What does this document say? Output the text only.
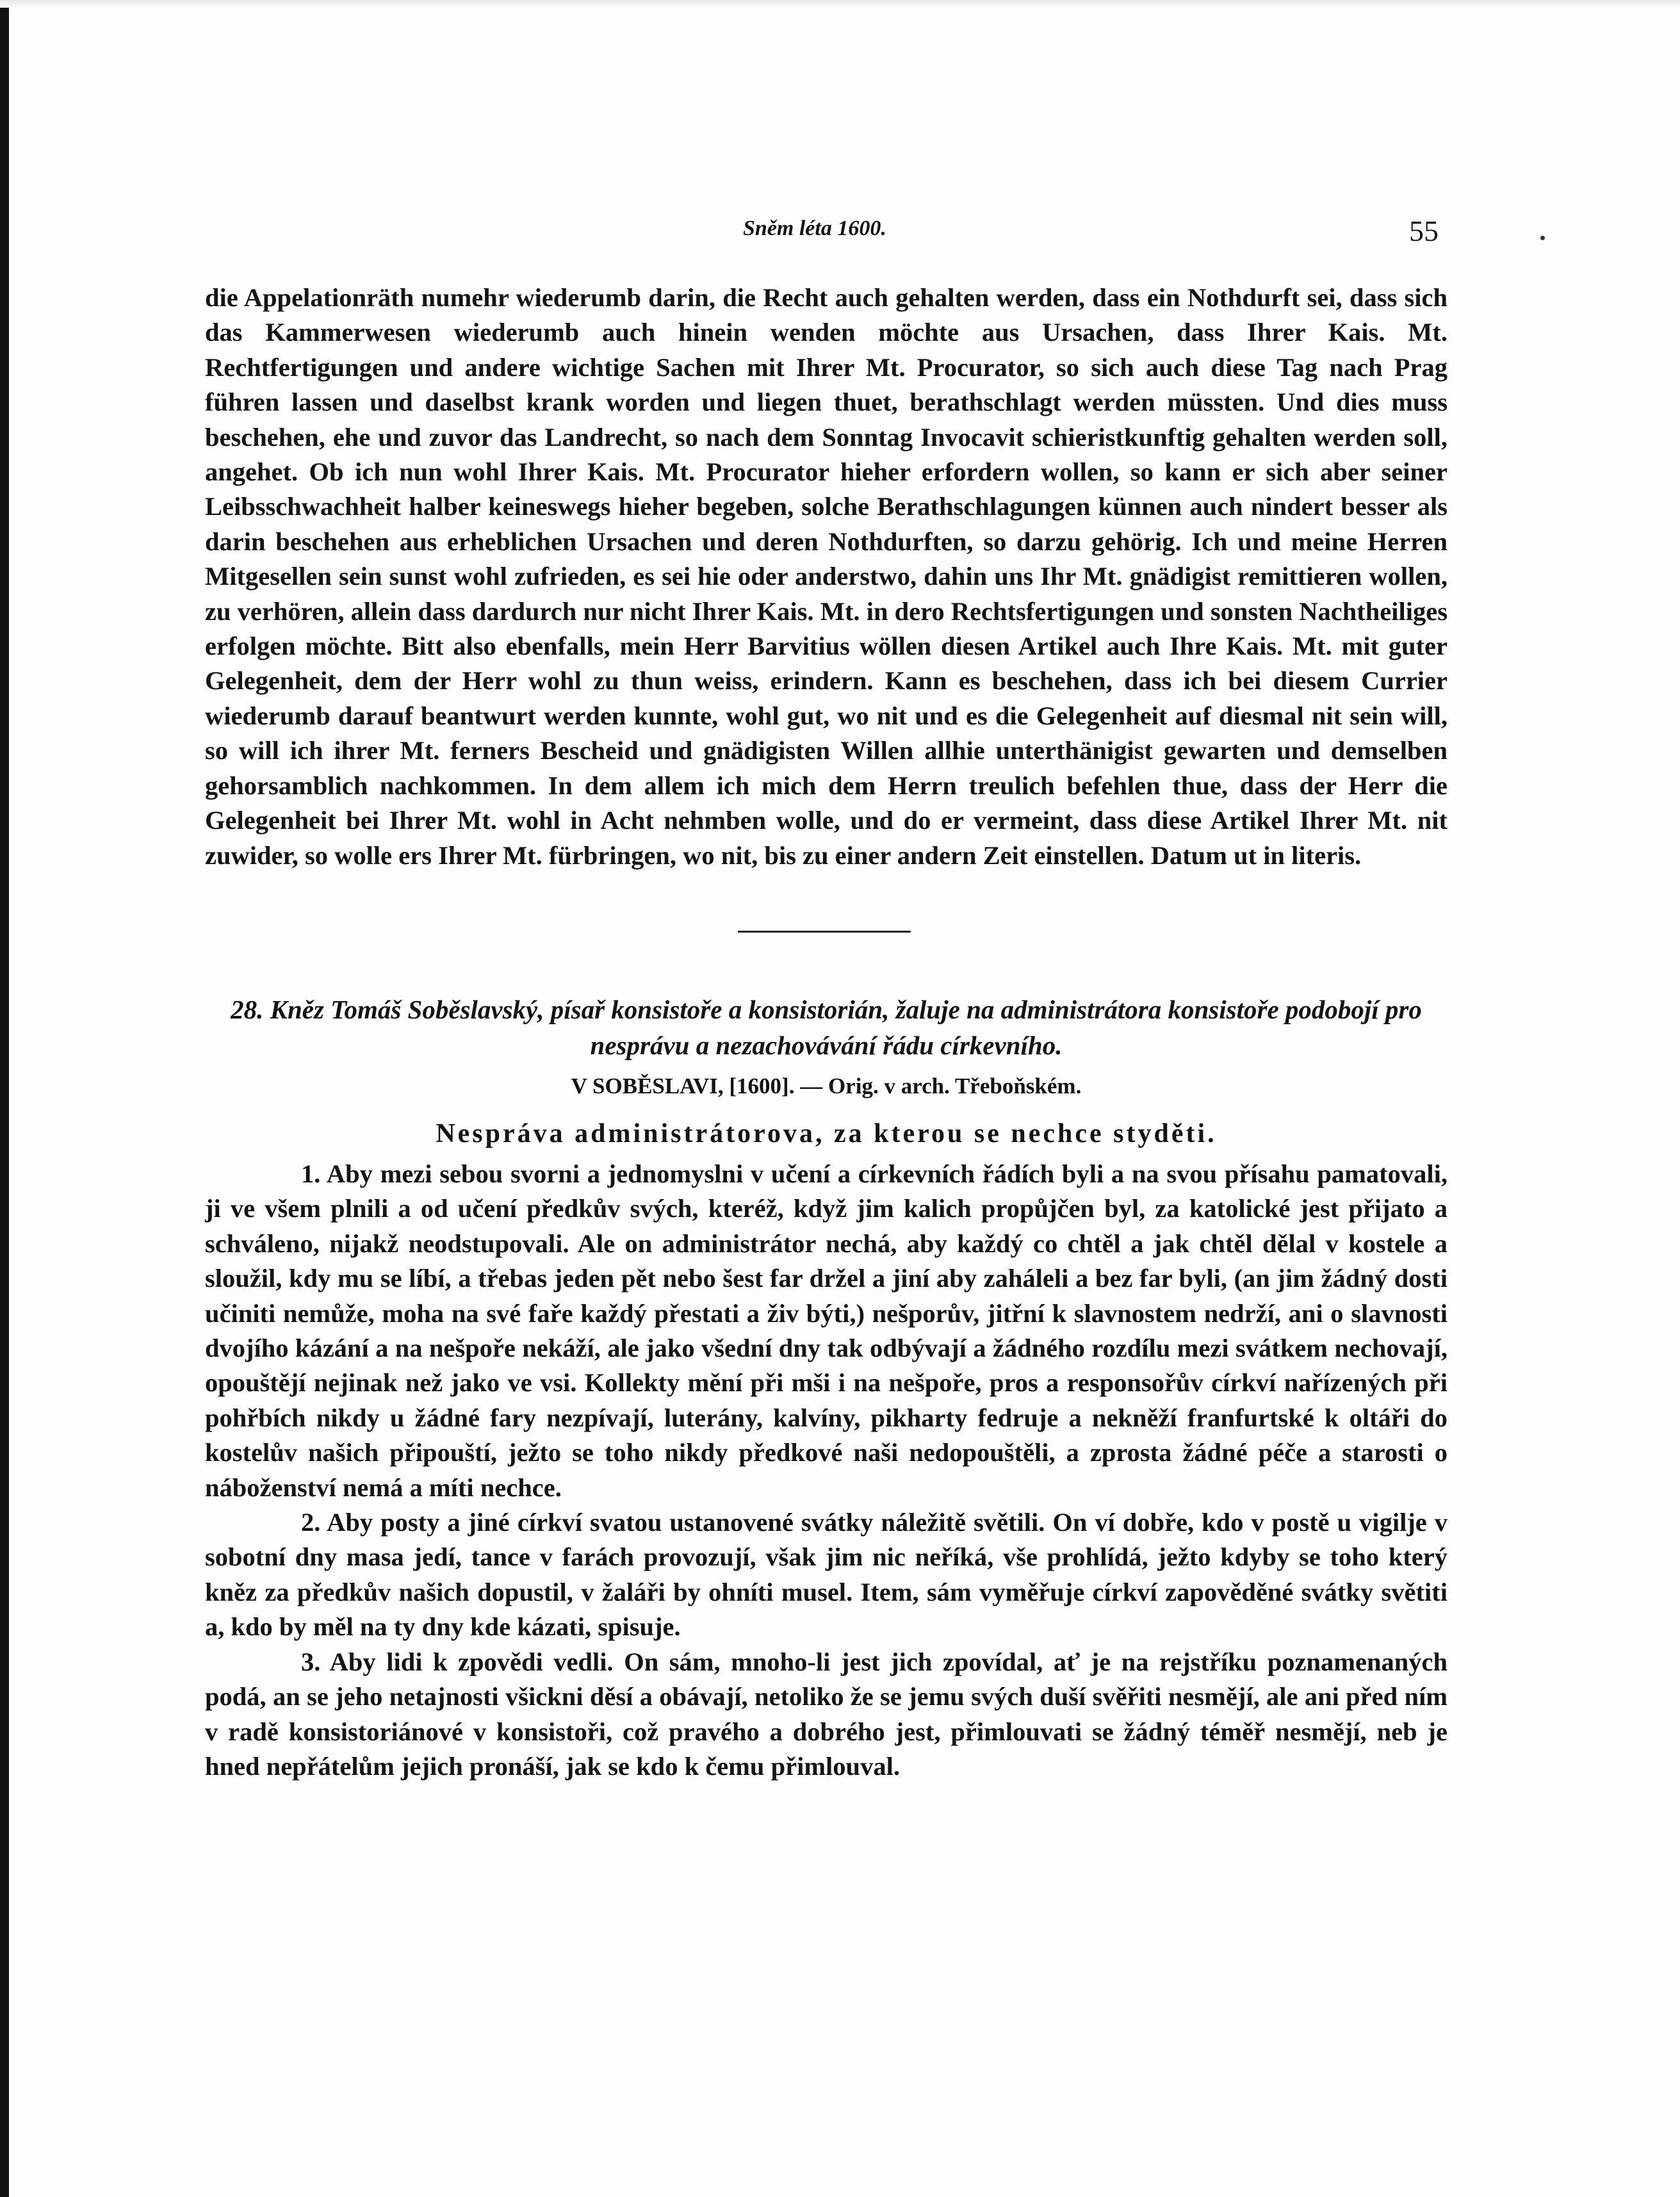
Sněm léta 1600.	55
die Appelationräth numehr wiederumb darin, die Recht auch gehalten werden, dass ein Nothdurft sei, dass sich das Kammerwesen wiederumb auch hinein wenden möchte aus Ursachen, dass Ihrer Kais. Mt. Rechtfertigungen und andere wichtige Sachen mit Ihrer Mt. Procurator, so sich auch diese Tag nach Prag führen lassen und daselbst krank worden und liegen thuet, berathschlagt werden müssten. Und dies muss beschehen, ehe und zuvor das Landrecht, so nach dem Sonntag Invocavit schieristkunftig gehalten werden soll, angehet. Ob ich nun wohl Ihrer Kais. Mt. Procurator hieher erfordern wollen, so kann er sich aber seiner Leibsschwachheit halber keineswegs hieher begeben, solche Berathschlagungen künnen auch nindert besser als darin beschehen aus erheblichen Ursachen und deren Nothdurften, so darzu gehörig. Ich und meine Herren Mitgesellen sein sunst wohl zufrieden, es sei hie oder anderstwo, dahin uns Ihr Mt. gnädigist remittieren wollen, zu verhören, allein dass dardurch nur nicht Ihrer Kais. Mt. in dero Rechtsfertigungen und sonsten Nachtheiliges erfolgen möchte. Bitt also ebenfalls, mein Herr Barvitius wöllen diesen Artikel auch Ihre Kais. Mt. mit guter Gelegenheit, dem der Herr wohl zu thun weiss, erindern. Kann es beschehen, dass ich bei diesem Currier wiederumb darauf beantwurt werden kunnte, wohl gut, wo nit und es die Gelegenheit auf diesmal nit sein will, so will ich ihrer Mt. ferners Bescheid und gnädigisten Willen allhie unterthänigist gewarten und demselben gehorsamblich nachkommen. In dem allem ich mich dem Herrn treulich befehlen thue, dass der Herr die Gelegenheit bei Ihrer Mt. wohl in Acht nehmben wolle, und do er vermeint, dass diese Artikel Ihrer Mt. nit zuwider, so wolle ers Ihrer Mt. fürbringen, wo nit, bis zu einer andern Zeit einstellen. Datum ut in literis.
28. Kněz Tomáš Soběslavský, písař konsistoře a konsistorián, žaluje na administrátora konsistoře podobojí pro nesprávu a nezachovávání řádu církevního.
V SOBĚSLAVI, [1600]. — Orig. v arch. Třeboňském.
Nespráva administrátorova, za kterou se nechce styděti.

1. Aby mezi sebou svorni a jednomyslni v učení a církevních řádích byli a na svou přísahu pamatovali, ji ve všem plnili a od učení předkův svých, kteréž, když jim kalich propůjčen byl, za katolické jest přijato a schváleno, nijakž neodstupovali. Ale on administrátor nechá, aby každý co chtěl a jak chtěl dělal v kostele a sloužil, kdy mu se líbí, a třebas jeden pět nebo šest far držel a jiní aby zaháleli a bez far byli, (an jim žádný dosti učiniti nemůže, moha na své faře každý přestati a živ býti,) nešporův, jitřní k slavnostem nedrží, ani o slavnosti dvojího kázání a na nešpoře nekáží, ale jako všední dny tak odbývají a žádného rozdílu mezi svátkem nechovají, opouštějí nejinak než jako ve vsi. Kollekty mění při mši i na nešpoře, pros a responsořův církví nařízených při pohřbích nikdy u žádné fary nezpívají, luterány, kalvíny, pikharty fedruje a nekněží franfurtské k oltáři do kostelův našich připouští, ježto se toho nikdy předkové naši nedopouštěli, a zprosta žádné péče a starosti o náboženství nemá a míti nechce.

2. Aby posty a jiné církví svatou ustanovené svátky náležitě světili. On ví dobře, kdo v postě u vigilje v sobotní dny masa jedí, tance v farách provozují, však jim nic neříká, vše prohlídá, ježto kdyby se toho který kněz za předkův našich dopustil, v žaláři by ohníti musel. Item, sám vyměřuje církví zapověděné svátky světiti a, kdo by měl na ty dny kde kázati, spisuje.

3. Aby lidi k zpovědi vedli. On sám, mnoho-li jest jich zpovídal, ať je na rejstříku poznamenaných podá, an se jeho netajnosti všickni děsí a obávají, netoliko že se jemu svých duší svěřiti nesmějí, ale ani před ním v radě konsistoriánové v konsistoři, což pravého a dobrého jest, přimlouvati se žádný téměř nesmějí, neb je hned nepřátelům jejich pronáší, jak se kdo k čemu přimlouval.
